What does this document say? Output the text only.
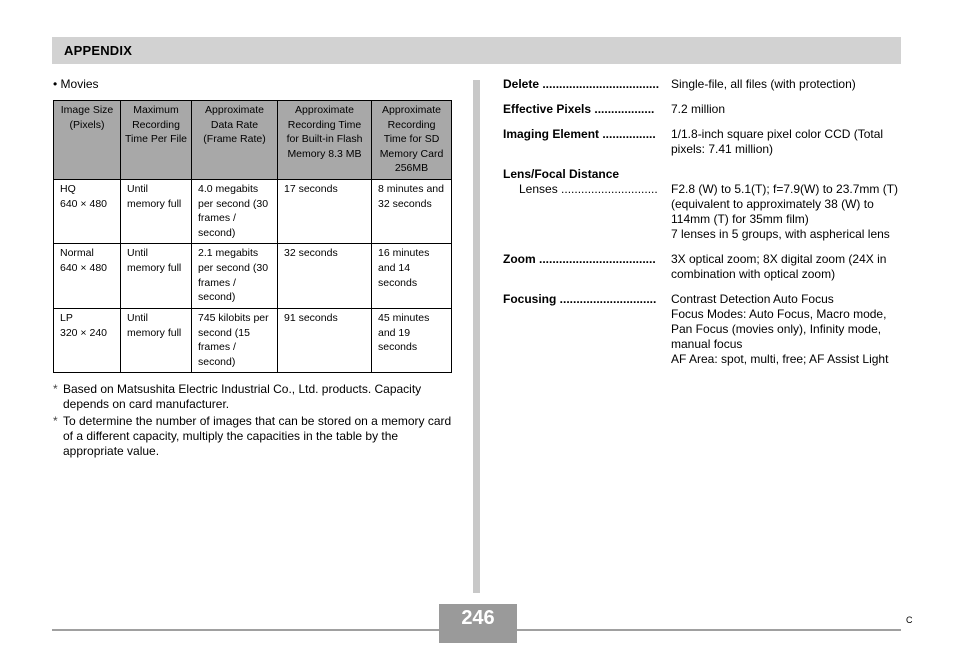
APPENDIX
• Movies
Image Size (Pixels)	Maximum Recording Time Per File	Approximate Data Rate (Frame Rate)	Approximate Recording Time for Built-in Flash Memory 8.3 MB	Approximate Recording Time for SD Memory Card 256MB

HQ
640 × 480	Until memory full	4.0 megabits per second (30 frames / second)	17 seconds	8 minutes and 32 seconds

Normal
640 × 480	Until memory full	2.1 megabits per second (30 frames / second)	32 seconds	16 minutes and 14 seconds

LP
320 × 240	Until memory full	745 kilobits per second (15 frames / second)	91 seconds	45 minutes and 19 seconds
* Based on Matsushita Electric Industrial Co., Ltd. products. Capacity depends on card manufacturer.
* To determine the number of images that can be stored on a memory card of a different capacity, multiply the capacities in the table by the appropriate value.
Delete ................................... Single-file, all files (with protection)
Effective Pixels ..................	7.2 million
Imaging Element ................	1/1.8-inch square pixel color CCD (Total pixels: 7.41 million)
Lens/Focal Distance
Lenses .............................	F2.8 (W) to 5.1(T); f=7.9(W) to 23.7mm (T) (equivalent to approximately 38 (W) to 114mm (T) for 35mm film)
7 lenses in 5 groups, with aspherical lens
Zoom ...................................	3X optical zoom; 8X digital zoom (24X in combination with optical zoom)
Focusing .............................	Contrast Detection Auto Focus
Focus Modes: Auto Focus, Macro mode, Pan Focus (movies only), Infinity mode, manual focus
AF Area: spot, multi, free; AF Assist Light
246	C
